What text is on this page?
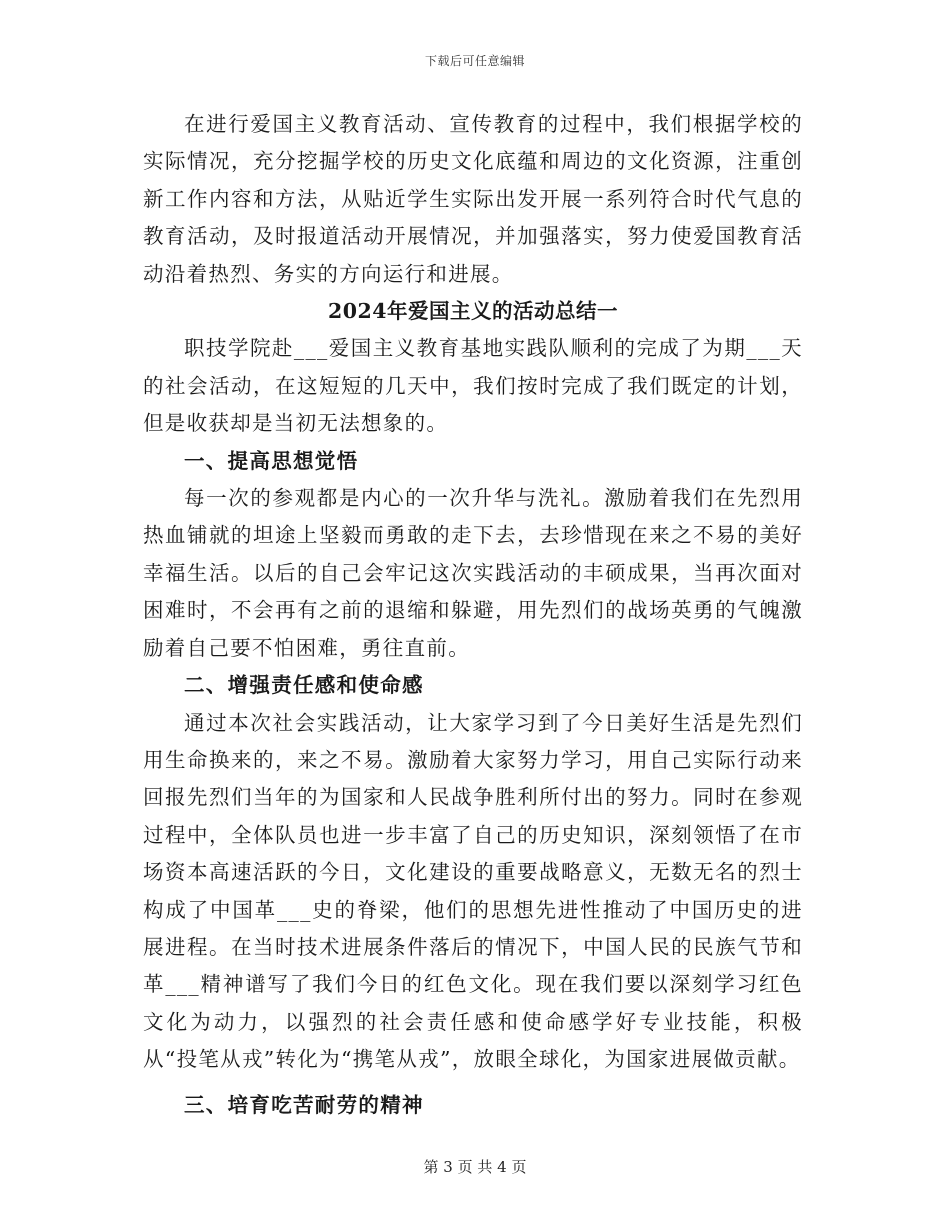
下载后可任意编辑

在进行爱国主义教育活动、宣传教育的过程中，我们根据学校的实际情况，充分挖掘学校的历史文化底蕴和周边的文化资源，注重创新工作内容和方法，从贴近学生实际出发开展一系列符合时代气息的教育活动，及时报道活动开展情况，并加强落实，努力使爱国教育活动沿着热烈、务实的方向运行和进展。

2024年爱国主义的活动总结一

职技学院赴___爱国主义教育基地实践队顺利的完成了为期___天的社会活动，在这短短的几天中，我们按时完成了我们既定的计划，但是收获却是当初无法想象的。

一、提高思想觉悟

每一次的参观都是内心的一次升华与洗礼。激励着我们在先烈用热血铺就的坦途上坚毅而勇敢的走下去，去珍惜现在来之不易的美好幸福生活。以后的自己会牢记这次实践活动的丰硕成果，当再次面对困难时，不会再有之前的退缩和躲避，用先烈们的战场英勇的气魄激励着自己要不怕困难，勇往直前。

二、增强责任感和使命感

通过本次社会实践活动，让大家学习到了今日美好生活是先烈们用生命换来的，来之不易。激励着大家努力学习，用自己实际行动来回报先烈们当年的为国家和人民战争胜利所付出的努力。同时在参观过程中，全体队员也进一步丰富了自己的历史知识，深刻领悟了在市场资本高速活跃的今日，文化建设的重要战略意义，无数无名的烈士构成了中国革___史的脊梁，他们的思想先进性推动了中国历史的进展进程。在当时技术进展条件落后的情况下，中国人民的民族气节和革___精神谱写了我们今日的红色文化。现在我们要以深刻学习红色文化为动力，以强烈的社会责任感和使命感学好专业技能，积极从“投笔从戎”转化为“携笔从戎”，放眼全球化，为国家进展做贡献。

三、培育吃苦耐劳的精神
第 3 页 共 4 页
